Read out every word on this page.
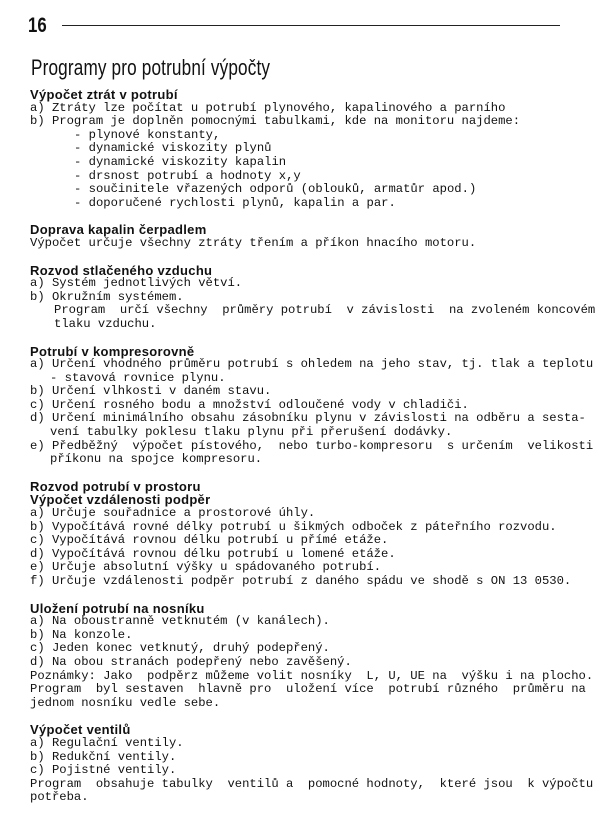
16
Programy pro potrubní výpočty
Výpočet ztrát v potrubí
a) Ztráty lze počítat u potrubí plynového, kapalinového a parního
b) Program je doplněn pomocnými tabulkami, kde na monitoru najdeme:
- plynové konstanty,
- dynamické viskozity plynů
- dynamické viskozity kapalin
- drsnost potrubí a hodnoty x,y
- součinitele vřazených odporů (oblouků, armatůr apod.)
- doporučené rychlosti plynů, kapalin a par.
Doprava kapalin čerpadlem
Výpočet určuje všechny ztráty třením a příkon hnacího motoru.
Rozvod stlačeného vzduchu
a) Systém jednotlivých větví.
b) Okružním systémem.
Program  určí všechny  průměry potrubí  v závislosti  na zvoleném koncovém
tlaku vzduchu.
Potrubí v kompresorovně
a) Určení vhodného průměru potrubí s ohledem na jeho stav, tj. tlak a teplotu
- stavová rovnice plynu.
b) Určení vlhkosti v daném stavu.
c) Určení rosného bodu a množství odloučené vody v chladiči.
d) Určení minimálního obsahu zásobníku plynu v závislosti na odběru a sesta-
vení tabulky poklesu tlaku plynu při přerušení dodávky.
e) Předběžný  výpočet pístového,  nebo turbo-kompresoru  s určením  velikosti
příkonu na spojce kompresoru.
Rozvod potrubí v prostoru
Výpočet vzdálenosti podpěr
a) Určuje souřadnice a prostorové úhly.
b) Vypočítává rovné délky potrubí u šikmých odboček z páteřního rozvodu.
c) Vypočítává rovnou délku potrubí u přímé etáže.
d) Vypočítává rovnou délku potrubí u lomené etáže.
e) Určuje absolutní výšky u spádovaného potrubí.
f) Určuje vzdálenosti podpěr potrubí z daného spádu ve shodě s ON 13 0530.
Uložení potrubí na nosníku
a) Na oboustranně vetknutém (v kanálech).
b) Na konzole.
c) Jeden konec vetknutý, druhý podepřený.
d) Na obou stranách podepřený nebo zavěšený.
Poznámky: Jako  podpěrz můžeme volit nosníky  L, U, UE na  výšku i na plocho.
Program  byl sestaven  hlavně pro  uložení více  potrubí různého  průměru na
jednom nosníku vedle sebe.
Výpočet ventilů
a) Regulační ventily.
b) Redukční ventily.
c) Pojistné ventily.
Program  obsahuje tabulky  ventilů a  pomocné hodnoty,  které jsou  k výpočtu
potřeba.
